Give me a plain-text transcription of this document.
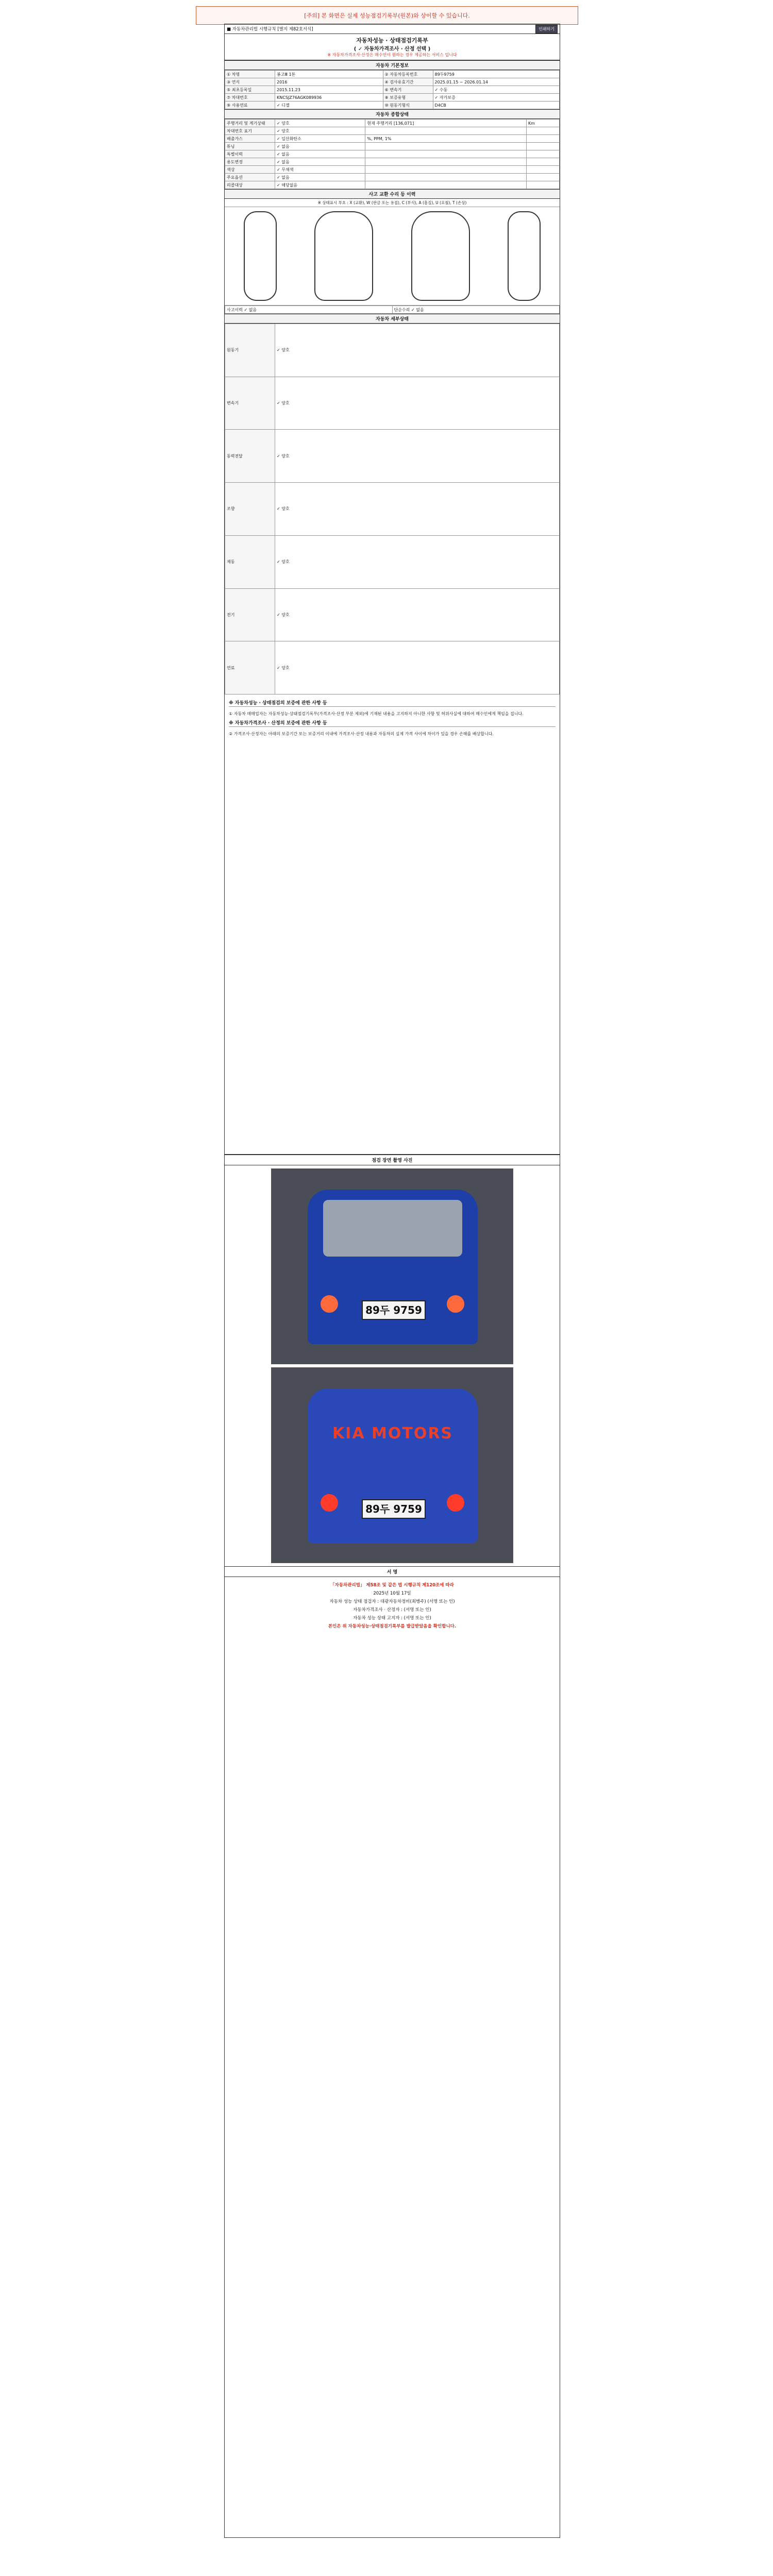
[주의] 본 화면은 실제 성능점검기록부(원본)와 상이할 수 있습니다.
■ 자동차관리법 시행규칙 [별지 제82호서식]	인쇄하기
자동차성능 · 상태점검기록부
( ✓ 자동차가격조사 · 산정 선택 )
※ 자동차가격조사·산정은 매수인이 원하는 경우 제공하는 서비스 입니다
자동차 기본정보
① 차명	봉고Ⅲ 1톤	② 자동차등록번호	89두9759
③ 연식	2016	④ 검사유효기간	2025.01.15 ~ 2026.01.14
⑤ 최초등록일	2015.11.23	⑥ 변속기	✓ 수동
⑦ 차대번호	KNCSJZ76AGK089936	⑧ 보증유형	✓ 자가보증
⑨ 사용연료	✓ 디젤	⑩ 원동기형식	D4CB
자동차 종합상태
주행거리 및 계기상태	✓ 양호	현재 주행거리 [136,071]	Km
차대번호 표기	✓ 양호		
배출가스	✓ 일산화탄소	%, PPM, 1%	
튜닝	✓ 없음		
특별이력	✓ 없음		
용도변경	✓ 없음		
색상	✓ 무채색		
주요옵션	✓ 없음		
리콜대상	✓ 해당없음		
사고 교환 수리 등 이력
※ 상태표시 부호 : X (교환), W (판금 또는 용접), C (부식), A (흠집), U (요철), T (손상)
사고이력 ✓ 없음	단순수리 ✓ 없음
자동차 세부상태
원동기	✓ 양호
변속기	✓ 양호
동력전달	✓ 양호
조향	✓ 양호
제동	✓ 양호
전기	✓ 양호
연료	✓ 양호
※ 자동차성능 · 상태점검의 보증에 관한 사항 등

① 자동차 매매업자는 자동차성능·상태점검기록부(가격조사·산정 부분 제외)에 기재된 내용을 고지하지 아니한 사항 및 허위사실에 대하여 매수인에게 책임을 집니다.

※ 자동차가격조사 · 산정의 보증에 관한 사항 등

② 가격조사·산정자는 아래의 보증기간 또는 보증거리 이내에 가격조사·산정 내용과 자동차의 실제 가격 사이에 차이가 있을 경우 손해를 배상합니다.

점검 장면 촬영 사진
89두 9759
KIA MOTORS
89두 9759
서 명
「자동차관리법」 제58조 및 같은 법 시행규칙 제120조에 따라
2025년 10월 17일
자동차 성능 상태 점검자 : 대광자동차정비(최병주) (서명 또는 인)
자동차가격조사 · 산정자 : (서명 또는 인)
자동차 성능 상태 고지자 : (서명 또는 인)
본인은 위 자동차성능·상태점검기록부를 발급받았음을 확인합니다.
